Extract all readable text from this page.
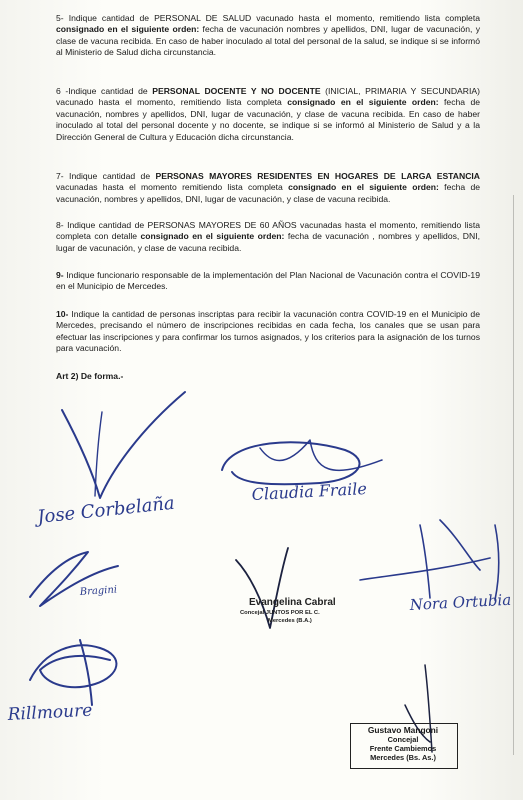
5- Indique cantidad de PERSONAL DE SALUD vacunado hasta el momento, remitiendo lista completa consignado en el siguiente orden: fecha de vacunación nombres y apellidos, DNI, lugar de vacunación, y clase de vacuna recibida. En caso de haber inoculado al total del personal de la salud, se indique si se informó al Ministerio de Salud dicha circunstancia.

6 -Indique cantidad de PERSONAL DOCENTE Y NO DOCENTE (INICIAL, PRIMARIA Y SECUNDARIA) vacunado hasta el momento, remitiendo lista completa consignado en el siguiente orden: fecha de vacunación, nombres y apellidos, DNI, lugar de vacunación, y clase de vacuna recibida. En caso de haber inoculado al total del personal docente y no docente, se indique si se informó al Ministerio de Salud y a la Dirección General de Cultura y Educación dicha circunstancia.

7- Indique cantidad de PERSONAS MAYORES RESIDENTES EN HOGARES DE LARGA ESTANCIA vacunadas hasta el momento remitiendo lista completa consignado en el siguiente orden: fecha de vacunación, nombres y apellidos, DNI, lugar de vacunación, y clase de vacuna recibida.

8- Indique cantidad de PERSONAS MAYORES DE 60 AÑOS vacunadas hasta el momento, remitiendo lista completa con detalle consignado en el siguiente orden: fecha de vacunación , nombres y apellidos, DNI, lugar de vacunación, y clase de vacuna recibida.

9- Indique funcionario responsable de la implementación del Plan Nacional de Vacunación contra el COVID-19 en el Municipio de Mercedes.

10- Indique la cantidad de personas inscriptas para recibir la vacunación contra COVID-19 en el Municipio de Mercedes, precisando el número de inscripciones recibidas en cada fecha, los canales que se usan para efectuar las inscripciones y para confirmar los turnos asignados, y los criterios para la asignación de los turnos para vacunación.

Art 2) De forma.-
Jose Corbelaña
Claudia Fraile
Bragini	Nora Ortubia
Rillmoure
Evangelina Cabral
Concejal JUNTOS POR EL C.
Mercedes (B.A.)
Gustavo Mangoni
Concejal
Frente Cambiemos
Mercedes (Bs. As.)
